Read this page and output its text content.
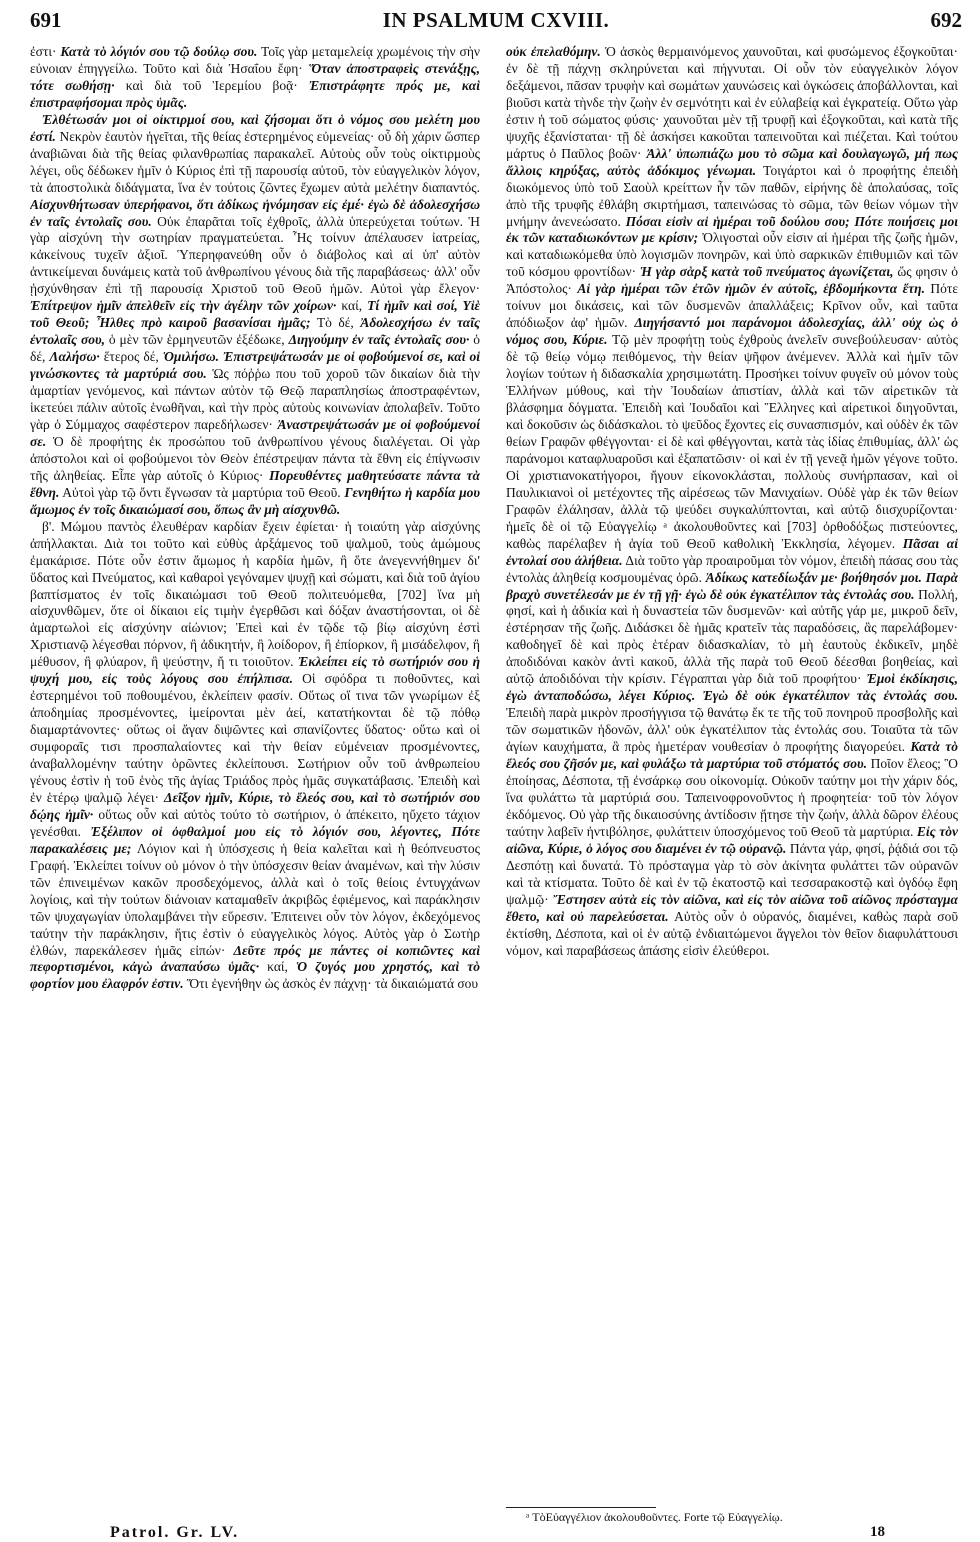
691	IN PSALMUM CXVIII.	692

ἐστι· Κατὰ τὸ λόγιόν σου τῷ δούλῳ σου. Τοῖς γὰρ μεταμελείᾳ χρωμένοις τὴν σὴν εὐνοιαν ἐπηγγείλω. Τοῦτο καὶ διὰ Ἡσαΐου ἔφη· Ὅταν ἀποστραφεὶς στενάξῃς, τότε σωθήσῃ· καὶ διὰ τοῦ Ἱερεμίου βοᾷ· Ἐπιστράφητε πρός με, καὶ ἐπιστραφήσομαι πρὸς ὑμᾶς.

Ἐλθέτωσάν μοι οἱ οἰκτιρμοί σου, καὶ ζήσομαι ὅτι ὁ νόμος σου μελέτη μου ἐστί. Νεκρὸν ἑαυτὸν ἡγεῖται, τῆς θείας ἐστερημένος εὐμενείας· οὗ δὴ χάριν ὥσπερ ἀναβιῶναι διὰ τῆς θείας φιλανθρωπίας παρακαλεῖ. Αὐτοὺς οὖν τοὺς οἰκτιρμοὺς λέγει, οὓς δέδωκεν ἡμῖν ὁ Κύριος ἐπὶ τῇ παρουσίᾳ αὐτοῦ, τὸν εὐαγγελικὸν λόγον, τὰ ἀποστολικὰ διδάγματα, ἵνα ἐν τούτοις ζῶντες ἔχωμεν αὐτὰ μελέτην διαπαντός. Αἰσχυνθήτωσαν ὑπερήφανοι, ὅτι ἀδίκως ἠνόμησαν εἰς ἐμέ· ἐγὼ δὲ ἀδολεσχήσω ἐν ταῖς ἐντολαῖς σου. Οὐκ ἐπαρᾶται τοῖς ἐχθροῖς, ἀλλὰ ὑπερεύχεται τούτων. Ἡ γὰρ αἰσχύνη τὴν σωτηρίαν πραγματεύεται. Ἧς τοίνυν ἀπέλαυσεν ἰατρείας, κἀκείνους τυχεῖν ἀξιοῖ. Ὑπερηφανεύθη οὖν ὁ διάβολος καὶ αἱ ὑπ' αὐτὸν ἀντικείμεναι δυνάμεις κατὰ τοῦ ἀνθρωπίνου γένους διὰ τῆς παραβάσεως· ἀλλ' οὖν ᾐσχύνθησαν ἐπὶ τῇ παρουσίᾳ Χριστοῦ τοῦ Θεοῦ ἡμῶν. Αὐτοὶ γὰρ ἔλεγον· Ἐπίτρεψον ἡμῖν ἀπελθεῖν εἰς τὴν ἀγέλην τῶν χοίρων· καί, Τί ἡμῖν καὶ σοί, Υἱὲ τοῦ Θεοῦ; Ἦλθες πρὸ καιροῦ βασανίσαι ἡμᾶς; Τὸ δέ, Ἀδολεσχήσω ἐν ταῖς ἐντολαῖς σου, ὁ μὲν τῶν ἑρμηνευτῶν ἐξέδωκε, Διηγούμην ἐν ταῖς ἐντολαῖς σου· ὁ δέ, Λαλήσω· ἕτερος δέ, Ὁμιλήσω. Ἐπιστρεψάτωσάν με οἱ φοβούμενοί σε, καὶ οἱ γινώσκοντες τὰ μαρτύριά σου. Ὡς πόῤῥω που τοῦ χοροῦ τῶν δικαίων διὰ τὴν ἁμαρτίαν γενόμενος, καὶ πάντων αὐτὸν τῷ Θεῷ παραπλησίως ἀποστραφέντων, ἱκετεύει πάλιν αὐτοῖς ἑνωθῆναι, καὶ τὴν πρὸς αὐτοὺς κοινωνίαν ἀπολαβεῖν. Τοῦτο γὰρ ὁ Σύμμαχος σαφέστερον παρεδήλωσεν· Ἀναστρεψάτωσάν με οἱ φοβούμενοί σε. Ὁ δὲ προφήτης ἐκ προσώπου τοῦ ἀνθρωπίνου γένους διαλέγεται. Οἱ γὰρ ἀπόστολοι καὶ οἱ φοβούμενοι τὸν Θεὸν ἐπέστρεψαν πάντα τὰ ἔθνη εἰς ἐπίγνωσιν τῆς ἀληθείας. Εἶπε γὰρ αὐτοῖς ὁ Κύριος· Πορευθέντες μαθητεύσατε πάντα τὰ ἔθνη. Αὐτοὶ γὰρ τῷ ὄντι ἔγνωσαν τὰ μαρτύρια τοῦ Θεοῦ. Γενηθήτω ἡ καρδία μου ἄμωμος ἐν τοῖς δικαιώμασί σου, ὅπως ἂν μὴ αἰσχυνθῶ.

β'. Μώμου παντὸς ἐλευθέραν καρδίαν ἔχειν ἐφίεται· ἡ τοιαύτη γὰρ αἰσχύνης ἀπήλλακται. Διὰ τοι τοῦτο καὶ εὐθὺς ἀρξάμενος τοῦ ψαλμοῦ, τοὺς ἀμώμους ἐμακάρισε. Πότε οὖν ἐστιν ἄμωμος ἡ καρδία ἡμῶν, ἢ ὅτε ἀνεγεννήθημεν δι' ὕδατος καὶ Πνεύματος, καὶ καθαροὶ γεγόναμεν ψυχῇ καὶ σώματι, καὶ διὰ τοῦ ἁγίου βαπτίσματος ἐν τοῖς δικαιώμασι τοῦ Θεοῦ πολιτευόμεθα, [702] ἵνα μὴ αἰσχυνθῶμεν, ὅτε οἱ δίκαιοι εἰς τιμὴν ἐγερθῶσι καὶ δόξαν ἀναστήσονται, οἱ δὲ ἁμαρτωλοὶ εἰς αἰσχύνην αἰώνιον; Ἐπεὶ καὶ ἐν τῷδε τῷ βίῳ αἰσχύνη ἐστὶ Χριστιανῷ λέγεσθαι πόρνον, ἢ ἀδικητήν, ἢ λοίδορον, ἢ ἐπίορκον, ἢ μισάδελφον, ἢ μέθυσον, ἢ φλύαρον, ἢ ψεύστην, ἤ τι τοιοῦτον. Ἐκλείπει εἰς τὸ σωτήριόν σου ἡ ψυχή μου, εἰς τοὺς λόγους σου ἐπήλπισα. Οἱ σφόδρα τι ποθοῦντες, καὶ ἐστερημένοι τοῦ ποθουμένου, ἐκλείπειν φασίν. Οὕτως οἵ τινα τῶν γνωρίμων ἐξ ἀποδημίας προσμένοντες, ἱμείρονται μὲν ἀεί, κατατήκονται δὲ τῷ πόθῳ διαμαρτάνοντες· οὕτως οἱ ἄγαν διψῶντες καὶ σπανίζοντες ὕδατος· οὕτω καὶ οἱ συμφοραῖς τισι προσπαλαίοντες καὶ τὴν θείαν εὐμένειαν προσμένοντες, ἀναβαλλομένην ταύτην ὁρῶντες ἐκλείπουσι. Σωτήριον οὖν τοῦ ἀνθρωπείου γένους ἐστὶν ἡ τοῦ ἑνὸς τῆς ἁγίας Τριάδος πρὸς ἡμᾶς συγκατάβασις. Ἐπειδὴ καὶ ἐν ἑτέρῳ ψαλμῷ λέγει· Δεῖξον ἡμῖν, Κύριε, τὸ ἔλεός σου, καὶ τὸ σωτήριόν σου δῴης ἡμῖν· οὕτως οὖν καὶ αὐτὸς τούτο τὸ σωτήριον, ὁ ἀπέκειτο, ηὔχετο τάχιον γενέσθαι. Ἐξέλιπον οἱ ὀφθαλμοί μου εἰς τὸ λόγιόν σου, λέγοντες, Πότε παρακαλέσεις με; Λόγιον καὶ ἡ ὑπόσχεσις ἡ θεία καλεῖται καὶ ἡ θεόπνευστος Γραφή. Ἐκλείπει τοίνυν οὐ μόνον ὁ τὴν ὑπόσχεσιν θείαν ἀναμένων, καὶ τὴν λύσιν τῶν ἐπινειμένων κακῶν προσδεχόμενος, ἀλλὰ καὶ ὁ τοῖς θείοις ἐντυγχάνων λογίοις, καὶ τὴν τούτων διάνοιαν καταμαθεῖν ἀκριβῶς ἐφιέμενος, καὶ παράκλησιν τῶν ψυχαγωγίαν ὑπολαμβάνει τὴν εὕρεσιν. Ἐπιτεινει οὖν τὸν λόγον, ἐκδεχόμενος ταύτην τὴν παράκλησιν, ἥτις ἐστὶν ὁ εὐαγγελικὸς λόγος. Αὐτὸς γὰρ ὁ Σωτὴρ ἐλθών, παρεκάλεσεν ἡμᾶς εἰπών· Δεῦτε πρός με πάντες οἱ κοπιῶντες καὶ πεφορτισμένοι, κἀγὼ ἀναπαύσω ὑμᾶς· καί, Ὁ ζυγός μου χρηστός, καὶ τὸ φορτίον μου ἐλαφρόν ἐστιν. Ὅτι ἐγενήθην ὡς ἀσκὸς ἐν πάχνῃ· τὰ δικαιώματά σου

οὐκ ἐπελαθόμην. Ὁ ἀσκὸς θερμαινόμενος χαυνοῦται, καὶ φυσώμενος ἐξογκοῦται· ἐν δὲ τῇ πάχνῃ σκληρύνεται καὶ πήγνυται. Οἱ οὖν τὸν εὐαγγελικὸν λόγον δεξάμενοι, πᾶσαν τρυφὴν καὶ σωμάτων χαυνώσεις καὶ ὀγκώσεις ἀποβάλλονται, καὶ βιοῦσι κατὰ τὴνδε τὴν ζωὴν ἐν σεμνότητι καὶ ἐν εὐλαβείᾳ καὶ ἐγκρατείᾳ. Οὕτω γὰρ ἐστιν ἡ τοῦ σώματος φύσις· χαυνοῦται μὲν τῇ τρυφῇ καὶ ἐξογκοῦται, καὶ κατὰ τῆς ψυχῆς ἐξανίσταται· τῇ δὲ ἀσκήσει κακοῦται ταπεινοῦται καὶ πιέζεται. Καὶ τούτου μάρτυς ὁ Παῦλος βοῶν· Ἀλλ' ὑπωπιάζω μου τὸ σῶμα καὶ δουλαγωγῶ, μή πως ἄλλοις κηρύξας, αὐτὸς ἀδόκιμος γένωμαι. Τοιγάρτοι καὶ ὁ προφήτης ἐπειδὴ διωκόμενος ὑπὸ τοῦ Σαοὺλ κρείττων ἦν τῶν παθῶν, εἰρήνης δὲ ἀπολαύσας, τοῖς ἀπὸ τῆς τρυφῆς ἐθλάβη σκιρτήμασι, ταπεινώσας τὸ σῶμα, τῶν θείων νόμων τὴν μνήμην ἀνενεώσατο. Πόσαι εἰσὶν αἱ ἡμέραι τοῦ δούλου σου; Πότε ποιήσεις μοι ἐκ τῶν καταδιωκόντων με κρίσιν; Ὀλιγοσταὶ οὖν εἰσιν αἱ ἡμέραι τῆς ζωῆς ἡμῶν, καὶ καταδιωκόμεθα ὑπὸ λογισμῶν πονηρῶν, καὶ ὑπὸ σαρκικῶν ἐπιθυμιῶν καὶ τῶν τοῦ κόσμου φροντίδων· Ἡ γὰρ σὰρξ κατὰ τοῦ πνεύματος ἀγωνίζεται, ὥς φησιν ὁ Ἀπόστολος· Αἱ γὰρ ἡμέραι τῶν ἐτῶν ἡμῶν ἐν αὐτοῖς, ἑβδομήκοντα ἔτη. Πότε τοίνυν μοι δικάσεις, καὶ τῶν δυσμενῶν ἀπαλλάξεις; Κρῖνον οὖν, καὶ ταῦτα ἀπόδιωξον ἀφ' ἡμῶν. Διηγήσαντό μοι παράνομοι ἀδολεσχίας, ἀλλ' οὐχ ὡς ὁ νόμος σου, Κύριε. Τῷ μὲν προφήτῃ τοὺς ἐχθροὺς ἀνελεῖν συνεβούλευσαν· αὐτὸς δὲ τῷ θείῳ νόμῳ πειθόμενος, τὴν θείαν ψῆφον ἀνέμενεν. Ἀλλὰ καὶ ἡμῖν τῶν λογίων τούτων ἡ διδασκαλία χρησιμωτάτη. Προσήκει τοίνυν φυγεῖν οὐ μόνον τοὺς Ἑλλήνων μύθους, καὶ τὴν Ἰουδαίων ἀπιστίαν, ἀλλὰ καὶ τῶν αἱρετικῶν τὰ βλάσφημα δόγματα. Ἐπειδὴ καὶ Ἰουδαῖοι καὶ Ἕλληνες καὶ αἱρετικοὶ διηγοῦνται, καὶ δοκοῦσιν ὡς διδάσκαλοι. τὸ ψεῦδος ἔχοντες εἰς συνασπισμόν, καὶ οὐδὲν ἐκ τῶν θείων Γραφῶν φθέγγονται· εἰ δὲ καὶ φθέγγονται, κατὰ τὰς ἰδίας ἐπιθυμίας, ἀλλ' ὡς παράνομοι καταφλυαροῦσι καὶ ἐξαπατῶσιν· οἱ καὶ ἐν τῇ γενεᾷ ἡμῶν γέγονε τοῦτο. Οἱ χριστιανοκατήγοροι, ἤγουν εἰκονοκλάσται, πολλοὺς συνήρπασαν, καὶ οἱ Παυλικιανοὶ οἱ μετέχοντες τῆς αἱρέσεως τῶν Μανιχαίων. Οὐδὲ γὰρ ἐκ τῶν θείων Γραφῶν ἐλάλησαν, ἀλλὰ τῷ ψεύδει συγκαλύπτονται, καὶ αὐτῷ διισχυρίζονται· ἡμεῖς δὲ οἱ τῷ Εὐαγγελίῳ ᵃ ἀκολουθοῦντες καὶ [703] ὀρθοδόξως πιστεύοντες, καθὼς παρέλαβεν ἡ ἁγία τοῦ Θεοῦ καθολικὴ Ἐκκλησία, λέγομεν. Πᾶσαι αἱ ἐντολαί σου ἀλήθεια. Διὰ τοῦτο γὰρ προαιροῦμαι τὸν νόμον, ἐπειδὴ πάσας σου τὰς ἐντολὰς ἀληθείᾳ κοσμουμένας ὁρῶ. Ἀδίκως κατεδίωξάν με· βοήθησόν μοι. Παρὰ βραχὺ συνετέλεσάν με ἐν τῇ γῇ· ἐγὼ δὲ οὐκ ἐγκατέλιπον τὰς ἐντολάς σου. Πολλή, φησί, καὶ ἡ ἀδικία καὶ ἡ δυναστεία τῶν δυσμενῶν· καὶ αὐτῆς γάρ με, μικροῦ δεῖν, ἐστέρησαν τῆς ζωῆς. Διδάσκει δὲ ἡμᾶς κρατεῖν τὰς παραδόσεις, ἃς παρελάβομεν· καθοδηγεῖ δὲ καὶ πρὸς ἑτέραν διδασκαλίαν, τὸ μὴ ἑαυτοὺς ἐκδικεῖν, μηδὲ ἀποδιδόναι κακὸν ἀντὶ κακοῦ, ἀλλὰ τῆς παρὰ τοῦ Θεοῦ δέεσθαι βοηθείας, καὶ αὐτῷ ἀποδιδόναι τὴν κρίσιν. Γέγραπται γὰρ διὰ τοῦ προφήτου· Ἐμοὶ ἐκδίκησις, ἐγὼ ἀνταποδώσω, λέγει Κύριος. Ἐγὼ δὲ οὐκ ἐγκατέλιπον τὰς ἐντολάς σου. Ἐπειδὴ παρὰ μικρὸν προσήγγισα τῷ θανάτῳ ἔκ τε τῆς τοῦ πονηροῦ προσβολῆς καὶ τῶν σωματικῶν ἡδονῶν, ἀλλ' οὐκ ἐγκατέλιπον τὰς ἐντολάς σου. Τοιαῦτα τὰ τῶν ἁγίων καυχήματα, ἃ πρὸς ἡμετέραν νουθεσίαν ὁ προφήτης διαγορεύει. Κατὰ τὸ ἔλεός σου ζῆσόν με, καὶ φυλάξω τὰ μαρτύρια τοῦ στόματός σου. Ποῖον ἔλεος; Ὃ ἐποίησας, Δέσποτα, τῇ ἐνσάρκῳ σου οἰκονομίᾳ. Οὐκοῦν ταύτην μοι τὴν χάριν δός, ἵνα φυλάττω τὰ μαρτύριά σου. Ταπεινοφρονοῦντος ἡ προφητεία· τοῦ τὸν λόγον ἐκδόμενος. Οὐ γὰρ τῆς δικαιοσύνης ἀντίδοσιν ᾔτησε τὴν ζωήν, ἀλλὰ δῶρον ἐλέους ταύτην λαβεῖν ἠντιβόλησε, φυλάττειν ὑποσχόμενος τοῦ Θεοῦ τὰ μαρτύρια. Εἰς τὸν αἰῶνα, Κύριε, ὁ λόγος σου διαμένει ἐν τῷ οὐρανῷ. Πάντα γάρ, φησί, ῥᾴδιά σοι τῷ Δεσπότῃ καὶ δυνατά. Τὸ πρόσταγμα γὰρ τὸ σὸν ἀκίνητα φυλάττει τῶν οὐρανῶν καὶ τὰ κτίσματα. Τοῦτο δὲ καὶ ἐν τῷ ἑκατοστῷ καὶ τεσσαρακοστῷ καὶ ὀγδόῳ ἔφη ψαλμῷ· Ἔστησεν αὐτὰ εἰς τὸν αἰῶνα, καὶ εἰς τὸν αἰῶνα τοῦ αἰῶνος πρόσταγμα ἔθετο, καὶ οὐ παρελεύσεται. Αὐτὸς οὖν ὁ οὐρανός, διαμένει, καθὼς παρὰ σοῦ ἐκτίσθη, Δέσποτα, καὶ οἱ ἐν αὐτῷ ἐνδιαιτώμενοι ἄγγελοι τὸν θεῖον διαφυλάττουσι νόμον, καὶ παραβάσεως ἁπάσης εἰσὶν ἐλεύθεροι.

ᵃ ΤὸΕὐαγγέλιον ἀκολουθοῦντες. Forte τῷ Εὐαγγελίῳ.
Patrol. Gr. LV.	18
